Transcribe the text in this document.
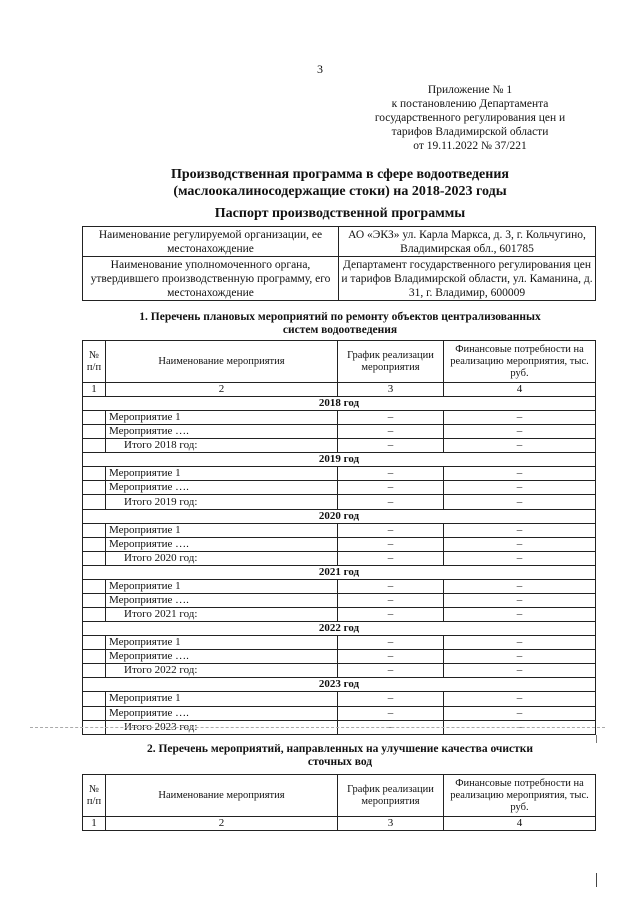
3
Приложение № 1
к постановлению Департамента
государственного регулирования цен и
тарифов Владимирской области
от 19.11.2022 № 37/221
Производственная программа в сфере водоотведения
(маслоокалиносодержащие стоки) на 2018-2023 годы
Паспорт производственной программы
Наименование регулируемой организации, ее местонахождение	АО «ЭКЗ» ул. Карла Маркса, д. 3, г. Кольчугино, Владимирская обл., 601785
Наименование уполномоченного органа, утвердившего производственную программу, его местонахождение	Департамент государственного регулирования цен и тарифов Владимирской области, ул. Каманина, д. 31, г. Владимир, 600009
1. Перечень плановых мероприятий по ремонту объектов централизованных
систем водоотведения
№ п/п	Наименование мероприятия	График реализации мероприятия	Финансовые потребности на реализацию мероприятия, тыс. руб.
1	2	3	4
2018 год			
	Мероприятие 1	–	–
	Мероприятие ….	–	–
	Итого 2018 год:	–	–
2019 год			
	Мероприятие 1	–	–
	Мероприятие ….	–	–
	Итого 2019 год:	–	–
2020 год			
	Мероприятие 1	–	–
	Мероприятие ….	–	–
	Итого 2020 год:	–	–
2021 год			
	Мероприятие 1	–	–
	Мероприятие ….	–	–
	Итого 2021 год:	–	–
2022 год			
	Мероприятие 1	–	–
	Мероприятие ….	–	–
	Итого 2022 год:	–	–
2023 год			
	Мероприятие 1	–	–
	Мероприятие ….	–	–
	Итого 2023 год:	–	–
2. Перечень мероприятий, направленных на улучшение качества очистки
сточных вод
№ п/п	Наименование мероприятия	График реализации мероприятия	Финансовые потребности на реализацию мероприятия, тыс. руб.
1	2	3	4
